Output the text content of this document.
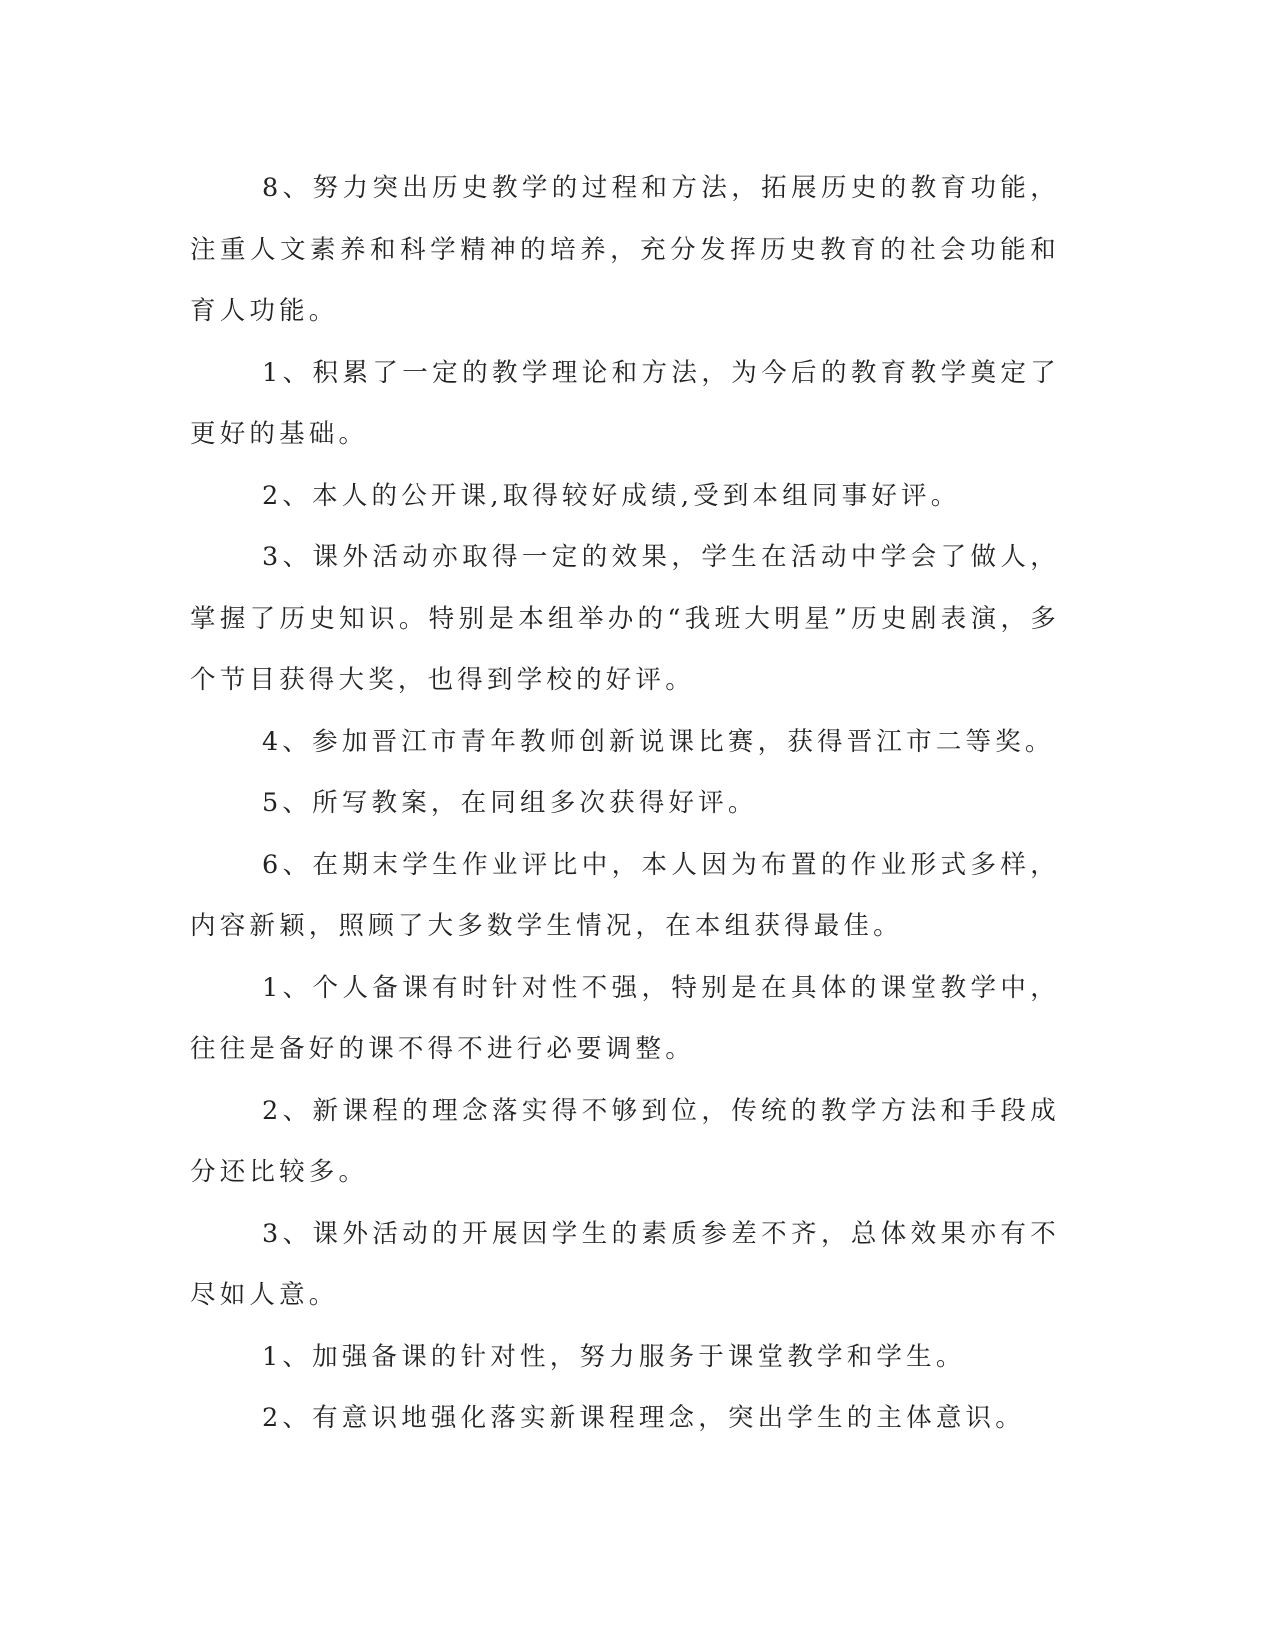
8、努力突出历史教学的过程和方法，拓展历史的教育功能，注重人文素养和科学精神的培养，充分发挥历史教育的社会功能和育人功能。

1、积累了一定的教学理论和方法，为今后的教育教学奠定了更好的基础。

2、本人的公开课,取得较好成绩,受到本组同事好评。

3、课外活动亦取得一定的效果，学生在活动中学会了做人，掌握了历史知识。特别是本组举办的“我班大明星”历史剧表演，多个节目获得大奖，也得到学校的好评。

4、参加晋江市青年教师创新说课比赛，获得晋江市二等奖。

5、所写教案，在同组多次获得好评。

6、在期末学生作业评比中，本人因为布置的作业形式多样，内容新颖，照顾了大多数学生情况，在本组获得最佳。

1、个人备课有时针对性不强，特别是在具体的课堂教学中，往往是备好的课不得不进行必要调整。

2、新课程的理念落实得不够到位，传统的教学方法和手段成分还比较多。

3、课外活动的开展因学生的素质参差不齐，总体效果亦有不尽如人意。

1、加强备课的针对性，努力服务于课堂教学和学生。

2、有意识地强化落实新课程理念，突出学生的主体意识。
